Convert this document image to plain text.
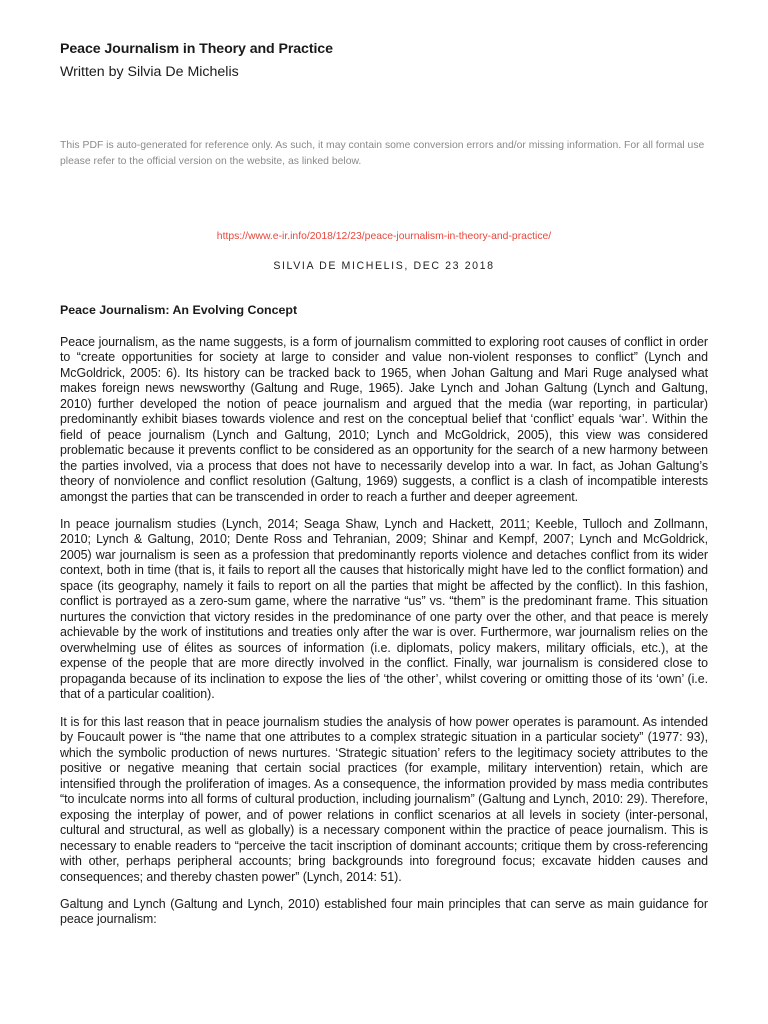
Peace Journalism in Theory and Practice
Written by Silvia De Michelis
This PDF is auto-generated for reference only. As such, it may contain some conversion errors and/or missing information. For all formal use please refer to the official version on the website, as linked below.
https://www.e-ir.info/2018/12/23/peace-journalism-in-theory-and-practice/
SILVIA DE MICHELIS, DEC 23 2018
Peace Journalism: An Evolving Concept
Peace journalism, as the name suggests, is a form of journalism committed to exploring root causes of conflict in order to “create opportunities for society at large to consider and value non-violent responses to conflict” (Lynch and McGoldrick, 2005: 6). Its history can be tracked back to 1965, when Johan Galtung and Mari Ruge analysed what makes foreign news newsworthy (Galtung and Ruge, 1965). Jake Lynch and Johan Galtung (Lynch and Galtung, 2010) further developed the notion of peace journalism and argued that the media (war reporting, in particular) predominantly exhibit biases towards violence and rest on the conceptual belief that ‘conflict’ equals ‘war’. Within the field of peace journalism (Lynch and Galtung, 2010; Lynch and McGoldrick, 2005), this view was considered problematic because it prevents conflict to be considered as an opportunity for the search of a new harmony between the parties involved, via a process that does not have to necessarily develop into a war. In fact, as Johan Galtung’s theory of nonviolence and conflict resolution (Galtung, 1969) suggests, a conflict is a clash of incompatible interests amongst the parties that can be transcended in order to reach a further and deeper agreement.
In peace journalism studies (Lynch, 2014; Seaga Shaw, Lynch and Hackett, 2011; Keeble, Tulloch and Zollmann, 2010; Lynch & Galtung, 2010; Dente Ross and Tehranian, 2009; Shinar and Kempf, 2007; Lynch and McGoldrick, 2005) war journalism is seen as a profession that predominantly reports violence and detaches conflict from its wider context, both in time (that is, it fails to report all the causes that historically might have led to the conflict formation) and space (its geography, namely it fails to report on all the parties that might be affected by the conflict). In this fashion, conflict is portrayed as a zero-sum game, where the narrative “us” vs. “them” is the predominant frame. This situation nurtures the conviction that victory resides in the predominance of one party over the other, and that peace is merely achievable by the work of institutions and treaties only after the war is over. Furthermore, war journalism relies on the overwhelming use of élites as sources of information (i.e. diplomats, policy makers, military officials, etc.), at the expense of the people that are more directly involved in the conflict. Finally, war journalism is considered close to propaganda because of its inclination to expose the lies of ‘the other’, whilst covering or omitting those of its ‘own’ (i.e. that of a particular coalition).
It is for this last reason that in peace journalism studies the analysis of how power operates is paramount. As intended by Foucault power is “the name that one attributes to a complex strategic situation in a particular society” (1977: 93), which the symbolic production of news nurtures. ‘Strategic situation’ refers to the legitimacy society attributes to the positive or negative meaning that certain social practices (for example, military intervention) retain, which are intensified through the proliferation of images. As a consequence, the information provided by mass media contributes “to inculcate norms into all forms of cultural production, including journalism” (Galtung and Lynch, 2010: 29). Therefore, exposing the interplay of power, and of power relations in conflict scenarios at all levels in society (inter-personal, cultural and structural, as well as globally) is a necessary component within the practice of peace journalism. This is necessary to enable readers to “perceive the tacit inscription of dominant accounts; critique them by cross-referencing with other, perhaps peripheral accounts; bring backgrounds into foreground focus; excavate hidden causes and consequences; and thereby chasten power” (Lynch, 2014: 51).
Galtung and Lynch (Galtung and Lynch, 2010) established four main principles that can serve as main guidance for peace journalism:
